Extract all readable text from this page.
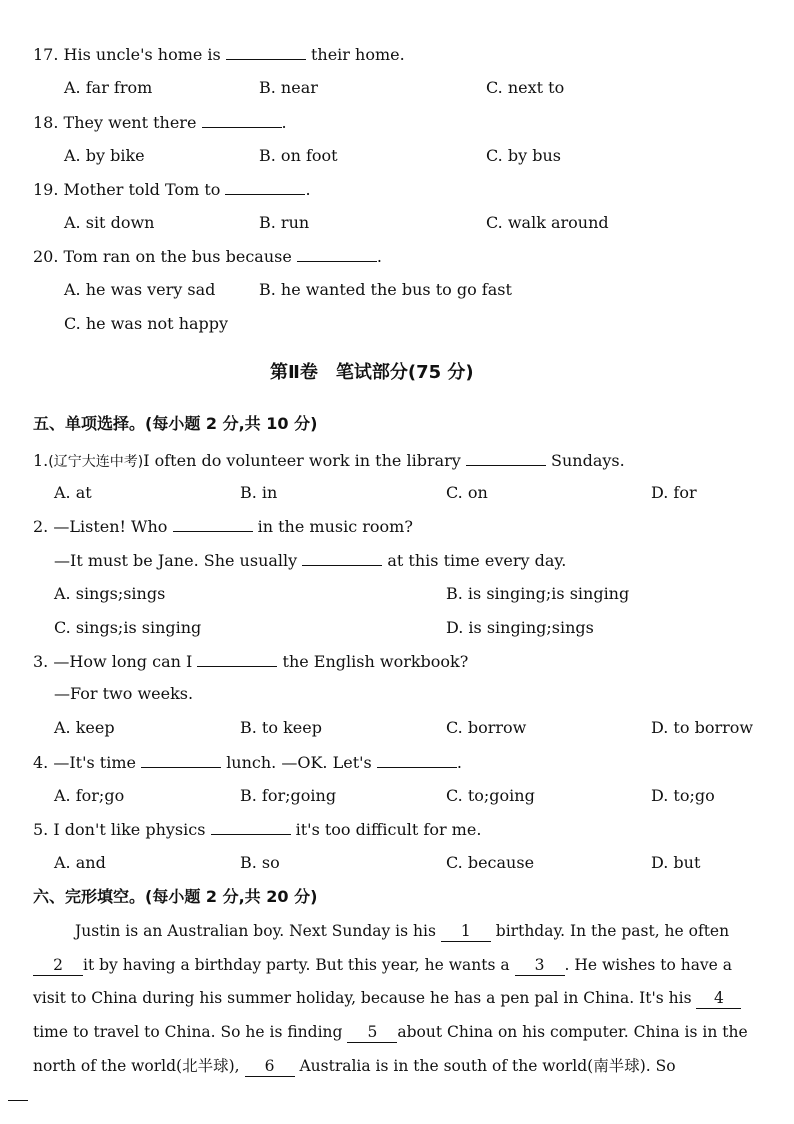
17. His uncle's home is	their home.
A. far from	B. near	C. next to
18. They went there	.
A. by bike	B. on foot	C. by bus
19. Mother told Tom to	.
A. sit down	B. run	C. walk around
20. Tom ran on the bus because	.
A. he was very sad	B. he wanted the bus to go fast
C. he was not happy
第Ⅱ卷　笔试部分(75 分)
五、单项选择。(每小题 2 分,共 10 分)
1.(辽宁大连中考)I often do volunteer work in the library	Sundays.
A. at	B. in	C. on	D. for
2. —Listen! Who	in the music room?
—It must be Jane. She usually	at this time every day.
A. sings;sings	B. is singing;is singing
C. sings;is singing	D. is singing;sings
3. —How long can I	the English workbook?
—For two weeks.
A. keep	B. to keep	C. borrow	D. to borrow
4. —It's time	lunch. —OK. Let's	.
A. for;go	B. for;going	C. to;going	D. to;go
5. I don't like physics	it's too difficult for me.
A. and	B. so	C. because	D. but
六、完形填空。(每小题 2 分,共 20 分)
Justin is an Australian boy. Next Sunday is his 1 birthday. In the past, he often
2 it by having a birthday party. But this year, he wants a 3 . He wishes to have a
visit to China during his summer holiday, because he has a pen pal in China. It's his 4
time to travel to China. So he is finding 5 about China on his computer. China is in the
north of the world(北半球), 6 Australia is in the south of the world(南半球). So
